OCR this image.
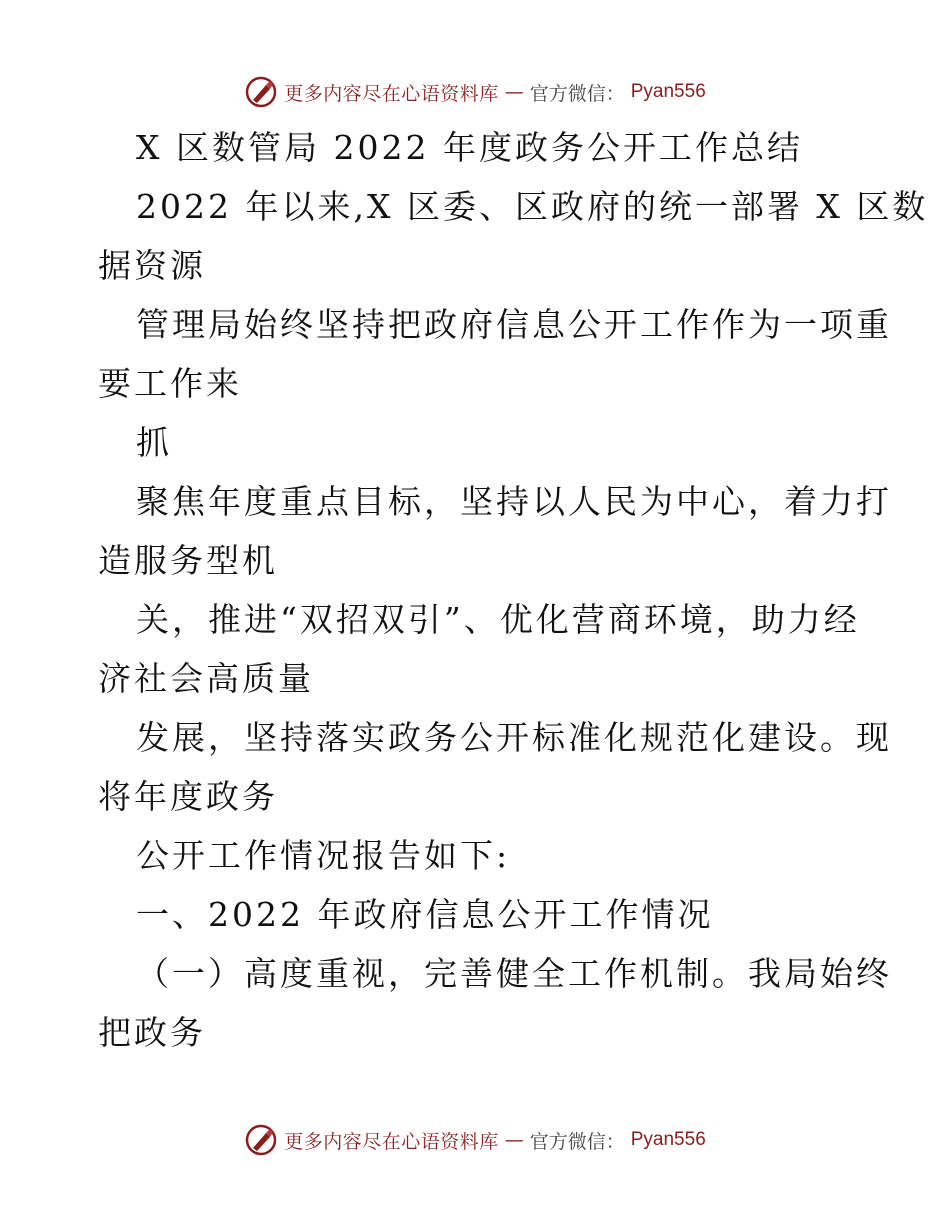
更多内容尽在心语资料库 — 官方微信： Pyan556
X 区数管局 2022 年度政务公开工作总结
2022 年以来,X 区委、区政府的统一部署 X 区数
据资源
管理局始终坚持把政府信息公开工作作为一项重
要工作来
抓
聚焦年度重点目标，坚持以人民为中心，着力打
造服务型机
关，推进“双招双引”、优化营商环境，助力经
济社会高质量
发展，坚持落实政务公开标准化规范化建设。现
将年度政务
公开工作情况报告如下:
一、2022 年政府信息公开工作情况
（一）高度重视，完善健全工作机制。我局始终
把政务
更多内容尽在心语资料库 — 官方微信： Pyan556
